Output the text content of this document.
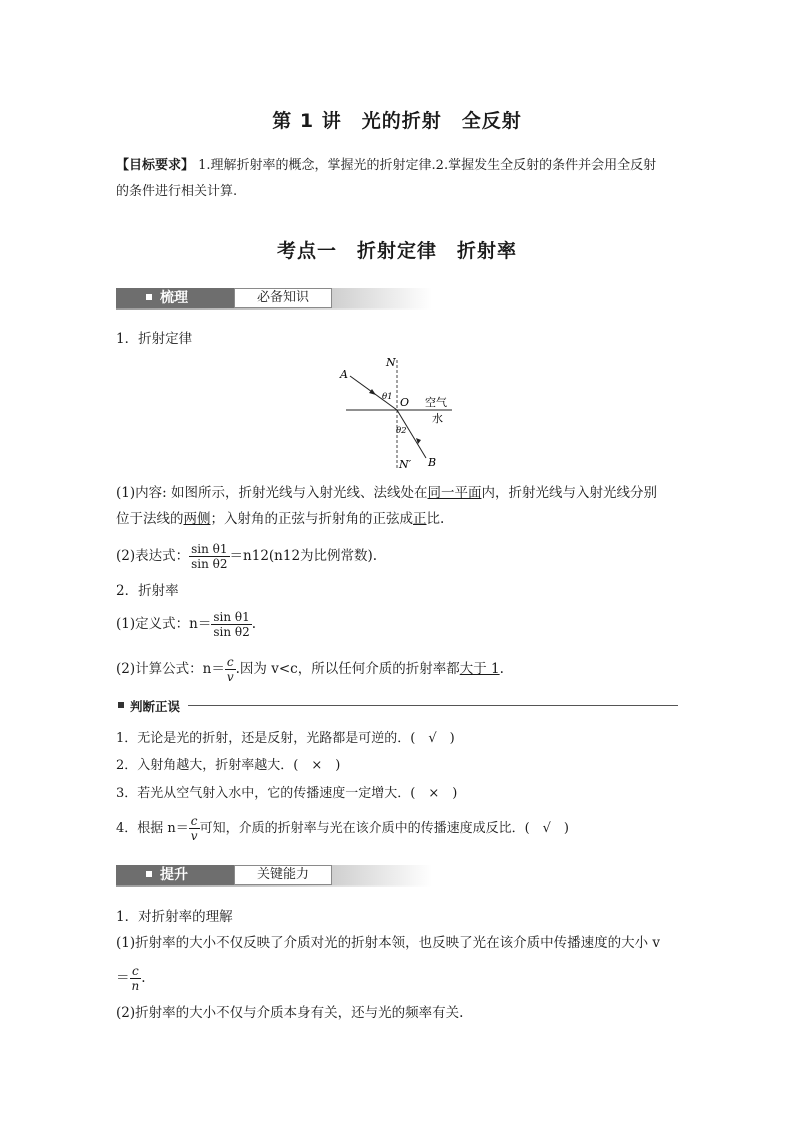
第 1 讲　光的折射　全反射
【目标要求】 1.理解折射率的概念，掌握光的折射定律.2.掌握发生全反射的条件并会用全反射
的条件进行相关计算.
考点一　折射定律　折射率
梳理	必备知识
1．折射定律
A
B
N
N′
O
θ1
θ2
空气
水
(1)内容: 如图所示，折射光线与入射光线、法线处在同一平面内，折射光线与入射光线分别
位于法线的两侧；入射角的正弦与折射角的正弦成正比.
(2)表达式： $\frac{\text{sin θ1}}{\text{sin θ2}} =n12(n12$为比例常数).
2．折射率
(1)定义式：$n= \frac{\text{sin θ1}}{\text{sin θ2}}$ .
(2)计算公式：$n= \frac{c}{v}$ .因为 v<c，所以任何介质的折射率都大于 1.
判断正误
1．无论是光的折射，还是反射，光路都是可逆的．(　√　)
2．入射角越大，折射率越大．(　×　)
3．若光从空气射入水中，它的传播速度一定增大．(　×　)
4．根据 $n= \frac{c}{v}$ 可知，介质的折射率与光在该介质中的传播速度成反比．(　√　)
提升	关键能力
1．对折射率的理解
(1)折射率的大小不仅反映了介质对光的折射本领，也反映了光在该介质中传播速度的大小 v
＝ $\frac{c}{n}$ .
(2)折射率的大小不仅与介质本身有关，还与光的频率有关.
